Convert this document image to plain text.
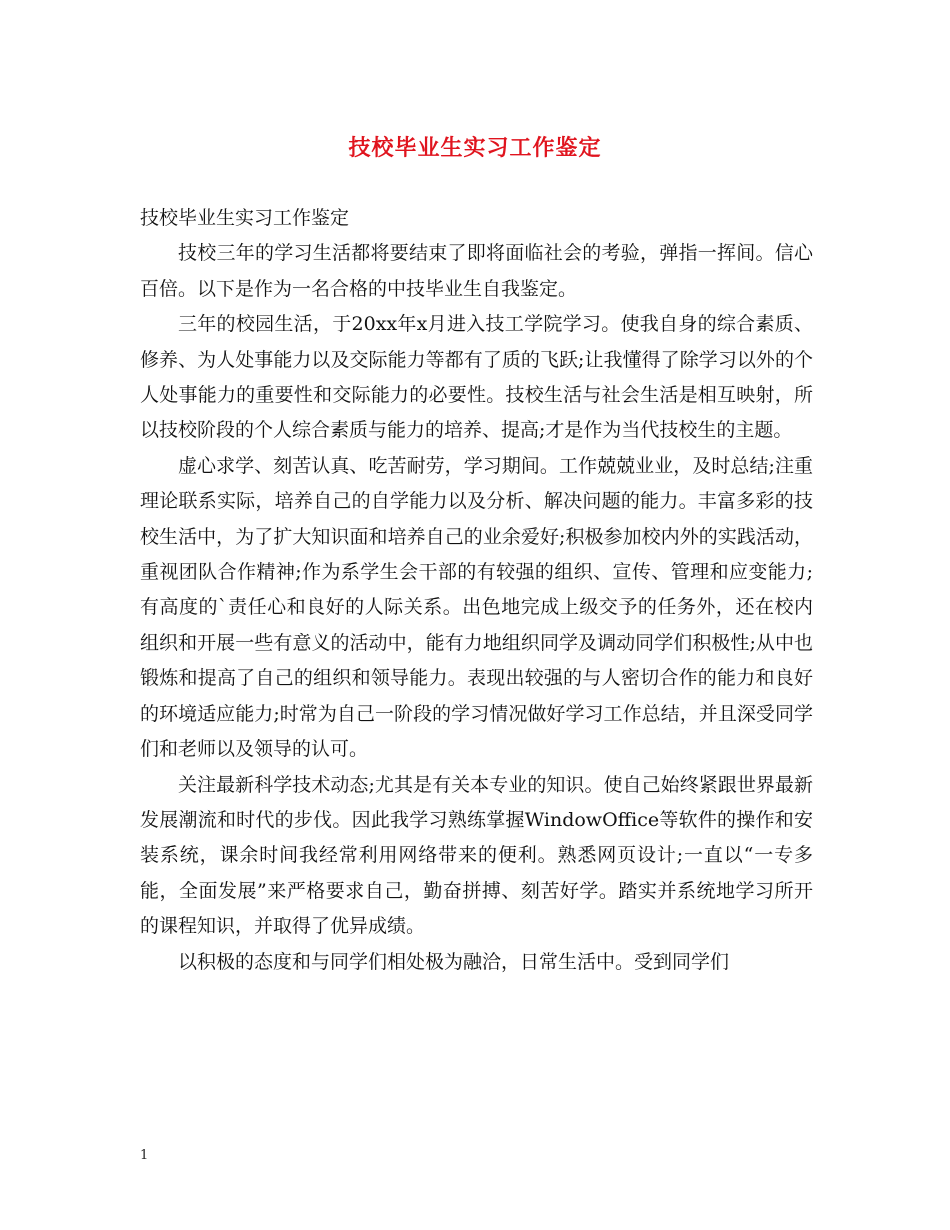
技校毕业生实习工作鉴定

技校毕业生实习工作鉴定

技校三年的学习生活都将要结束了即将面临社会的考验，弹指一挥间。信心百倍。以下是作为一名合格的中技毕业生自我鉴定。

三年的校园生活，于20xx年x月进入技工学院学习。使我自身的综合素质、修养、为人处事能力以及交际能力等都有了质的飞跃;让我懂得了除学习以外的个人处事能力的重要性和交际能力的必要性。技校生活与社会生活是相互映射，所以技校阶段的个人综合素质与能力的培养、提高;才是作为当代技校生的主题。

虚心求学、刻苦认真、吃苦耐劳，学习期间。工作兢兢业业，及时总结;注重理论联系实际，培养自己的自学能力以及分析、解决问题的能力。丰富多彩的技校生活中，为了扩大知识面和培养自己的业余爱好;积极参加校内外的实践活动，重视团队合作精神;作为系学生会干部的有较强的组织、宣传、管理和应变能力;有高度的`责任心和良好的人际关系。出色地完成上级交予的任务外，还在校内组织和开展一些有意义的活动中，能有力地组织同学及调动同学们积极性;从中也锻炼和提高了自己的组织和领导能力。表现出较强的与人密切合作的能力和良好的环境适应能力;时常为自己一阶段的学习情况做好学习工作总结，并且深受同学们和老师以及领导的认可。

关注最新科学技术动态;尤其是有关本专业的知识。使自己始终紧跟世界最新发展潮流和时代的步伐。因此我学习熟练掌握WindowOffice等软件的操作和安装系统，课余时间我经常利用网络带来的便利。熟悉网页设计;一直以“一专多能，全面发展”来严格要求自己，勤奋拼搏、刻苦好学。踏实并系统地学习所开的课程知识，并取得了优异成绩。

以积极的态度和与同学们相处极为融洽，日常生活中。受到同学们

1
